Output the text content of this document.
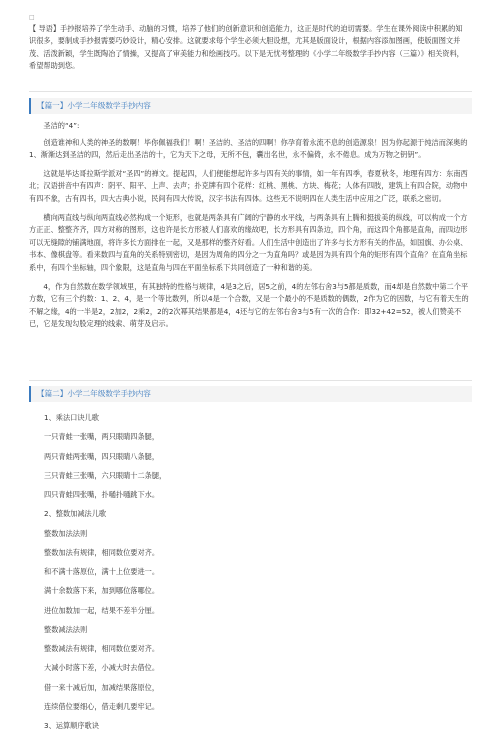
□
【 导语】手抄报培养了学生动手、动脑的习惯，培养了他们的创新意识和创造能力，这正是时代的迫切需要。学生在课外阅读中积累的知识很多，要制成手抄报需要巧妙设计，精心安排。这就要求每个学生必须大胆设想，尤其是版面设计，根据内容添加图画，使版面图文并茂、活泼新颖，学生既陶冶了情操，又提高了审美能力和绘画技巧。以下是无忧考整理的《小学二年级数学手抄内容（三篇）》相关资料，希望帮助到您。
【篇一】小学二年级数学手抄内容

圣洁的“4”:

创造谁神和人类的神圣的数啊！毕你佩福我们！啊！圣洁的、圣洁的四啊！你孕育着永流不息的创造源泉！因为你起源于纯洁而深奥的1、渐渐达到圣洁的四，然后走出圣洁的十，它为天下之母，无所不包，囊出名世，永不偏倚，永不倦息。成为万物之钥钥”。

这就是毕达哥拉斯学派对“圣四”的禅文。提起四，人们便能想起许多与四有关的事情，如一年有四季，春夏秋冬，地理有四方：东南西北；汉语拼音中有四声：阴平、阳平、上声、去声；扑克牌有四个花样：红桃、黑桃、方块、梅花；人体有四肢，建筑上有四合院，动物中有四不象，古有四书，四大古典小说，民间有四大传说，汉字书法有四体。这些无不说明四在人类生活中应用之广泛，联系之密切。

横向两直线与纵向两直线必然构成一个矩形，也就是两条具有广阔的宁静的水平线，与两条具有上腾和挺拔美的纵线，可以构成一个方方正正、整整齐齐，四方对称的图形，这也许是长方形被人们喜欢的缘故吧，长方形具有四条边，四个角，而这四个角都是直角，而四边形可以无缝隙的铺满地面，将许多长方面排在一起，又是那样的整齐好看。人们生活中创造出了许多与长方形有关的作品，如国旗、办公桌、书本、像棋盘等。看来数四与直角的关系特别密切，是因为周角的四分之一为直角吗？或是因为具有四个角的矩形有四个直角？在直角坐标系中，有四个坐标轴，四个象限，这是直角与四在平面坐标系下共同创造了一种和谐的美。

4，作为自然数在数学领域里，有其独特的性格与规律，4是3之后，居5之前，4的左邻右舍3与5都是质数，而4却是自然数中第二个平方数，它有三个约数：1、2、4，是一个等比数列，所以4是一个合数，又是一个最小的不是质数的偶数，2作为它的因数，与它有着天生的不解之缘，4的一半是2，2加2，2乘2，2的2次幂其结果都是4，4还与它的左邻右舍3与5有一次的合作：即32+42=52，被人们赞美不已，它是发现勾股定理的线索、萌芽及启示。

【篇二】小学二年级数学手抄内容
1、乘法口诀儿歌
一只青蛙一张嘴，两只眼睛四条腿，
两只青蛙两张嘴，四只眼睛八条腿，
三只青蛙三张嘴，六只眼睛十二条腿，
四只青蛙四张嘴，扑嗵扑嗵跳下水。
2、整数加减法儿歌
整数加法法则
整数加法有规律，相同数位要对齐。
和不满十落原位，满十上位要进一。
满十余数落下来，加到哪位落哪位。
进位加数加一起，结果不差半分厘。
整数减法法则
整数减法有规律，相同数位要对齐。
大减小时落下差，小减大时去借位。
借一来十减后加，加减结果落原位，
连续借位要细心，借走剩几要牢记。
3、运算顺序歌诀
